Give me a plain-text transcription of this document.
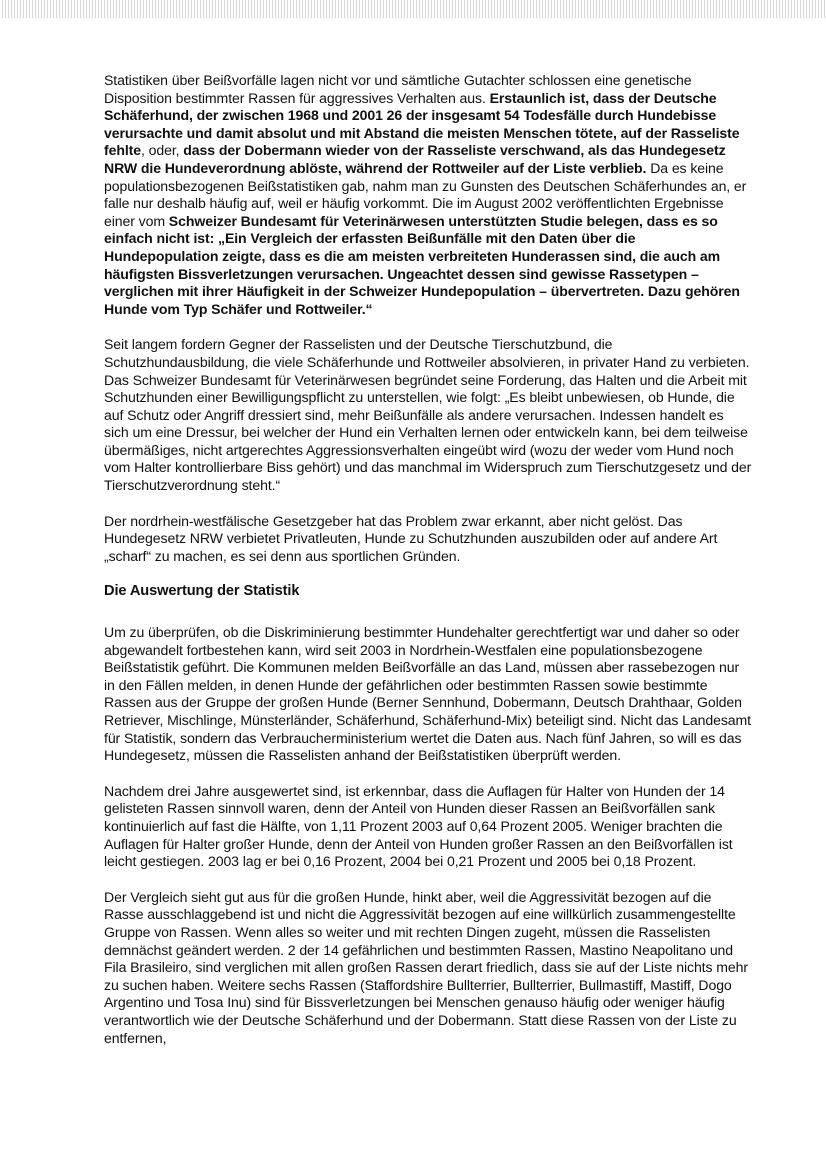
Statistiken über Beißvorfälle lagen nicht vor und sämtliche Gutachter schlossen eine genetische Disposition bestimmter Rassen für aggressives Verhalten aus. Erstaunlich ist, dass der Deutsche Schäferhund, der zwischen 1968 und 2001 26 der insgesamt 54 Todesfälle durch Hundebisse verursachte und damit absolut und mit Abstand die meisten Menschen tötete, auf der Rasseliste fehlte, oder, dass der Dobermann wieder von der Rasseliste verschwand, als das Hundegesetz NRW die Hundeverordnung ablöste, während der Rottweiler auf der Liste verblieb. Da es keine populationsbezogenen Beißstatistiken gab, nahm man zu Gunsten des Deutschen Schäferhundes an, er falle nur deshalb häufig auf, weil er häufig vorkommt. Die im August 2002 veröffentlichten Ergebnisse einer vom Schweizer Bundesamt für Veterinärwesen unterstützten Studie belegen, dass es so einfach nicht ist: „Ein Vergleich der erfassten Beißunfälle mit den Daten über die Hundepopulation zeigte, dass es die am meisten verbreiteten Hunderassen sind, die auch am häufigsten Bissverletzungen verursachen. Ungeachtet dessen sind gewisse Rassetypen – verglichen mit ihrer Häufigkeit in der Schweizer Hundepopulation – übervertreten. Dazu gehören Hunde vom Typ Schäfer und Rottweiler.“

Seit langem fordern Gegner der Rasselisten und der Deutsche Tierschutzbund, die Schutzhundausbildung, die viele Schäferhunde und Rottweiler absolvieren, in privater Hand zu verbieten. Das Schweizer Bundesamt für Veterinärwesen begründet seine Forderung, das Halten und die Arbeit mit Schutzhunden einer Bewilligungspflicht zu unterstellen, wie folgt: „Es bleibt unbewiesen, ob Hunde, die auf Schutz oder Angriff dressiert sind, mehr Beißunfälle als andere verursachen. Indessen handelt es sich um eine Dressur, bei welcher der Hund ein Verhalten lernen oder entwickeln kann, bei dem teilweise übermäßiges, nicht artgerechtes Aggressionsverhalten eingeübt wird (wozu der weder vom Hund noch vom Halter kontrollierbare Biss gehört) und das manchmal im Widerspruch zum Tierschutzgesetz und der Tierschutzverordnung steht.“

Der nordrhein-westfälische Gesetzgeber hat das Problem zwar erkannt, aber nicht gelöst. Das Hundegesetz NRW verbietet Privatleuten, Hunde zu Schutzhunden auszubilden oder auf andere Art „scharf“ zu machen, es sei denn aus sportlichen Gründen.

Die Auswertung der Statistik

Um zu überprüfen, ob die Diskriminierung bestimmter Hundehalter gerechtfertigt war und daher so oder abgewandelt fortbestehen kann, wird seit 2003 in Nordrhein-Westfalen eine populationsbezogene Beißstatistik geführt. Die Kommunen melden Beißvorfälle an das Land, müssen aber rassebezogen nur in den Fällen melden, in denen Hunde der gefährlichen oder bestimmten Rassen sowie bestimmte Rassen aus der Gruppe der großen Hunde (Berner Sennhund, Dobermann, Deutsch Drahthaar, Golden Retriever, Mischlinge, Münsterländer, Schäferhund, Schäferhund-Mix) beteiligt sind. Nicht das Landesamt für Statistik, sondern das Verbraucherministerium wertet die Daten aus. Nach fünf Jahren, so will es das Hundegesetz, müssen die Rasselisten anhand der Beißstatistiken überprüft werden.

Nachdem drei Jahre ausgewertet sind, ist erkennbar, dass die Auflagen für Halter von Hunden der 14 gelisteten Rassen sinnvoll waren, denn der Anteil von Hunden dieser Rassen an Beißvorfällen sank kontinuierlich auf fast die Hälfte, von 1,11 Prozent 2003 auf 0,64 Prozent 2005. Weniger brachten die Auflagen für Halter großer Hunde, denn der Anteil von Hunden großer Rassen an den Beißvorfällen ist leicht gestiegen. 2003 lag er bei 0,16 Prozent, 2004 bei 0,21 Prozent und 2005 bei 0,18 Prozent.

Der Vergleich sieht gut aus für die großen Hunde, hinkt aber, weil die Aggressivität bezogen auf die Rasse ausschlaggebend ist und nicht die Aggressivität bezogen auf eine willkürlich zusammengestellte Gruppe von Rassen. Wenn alles so weiter und mit rechten Dingen zugeht, müssen die Rasselisten demnächst geändert werden. 2 der 14 gefährlichen und bestimmten Rassen, Mastino Neapolitano und Fila Brasileiro, sind verglichen mit allen großen Rassen derart friedlich, dass sie auf der Liste nichts mehr zu suchen haben. Weitere sechs Rassen (Staffordshire Bullterrier, Bullterrier, Bullmastiff, Mastiff, Dogo Argentino und Tosa Inu) sind für Bissverletzungen bei Menschen genauso häufig oder weniger häufig verantwortlich wie der Deutsche Schäferhund und der Dobermann. Statt diese Rassen von der Liste zu entfernen,
